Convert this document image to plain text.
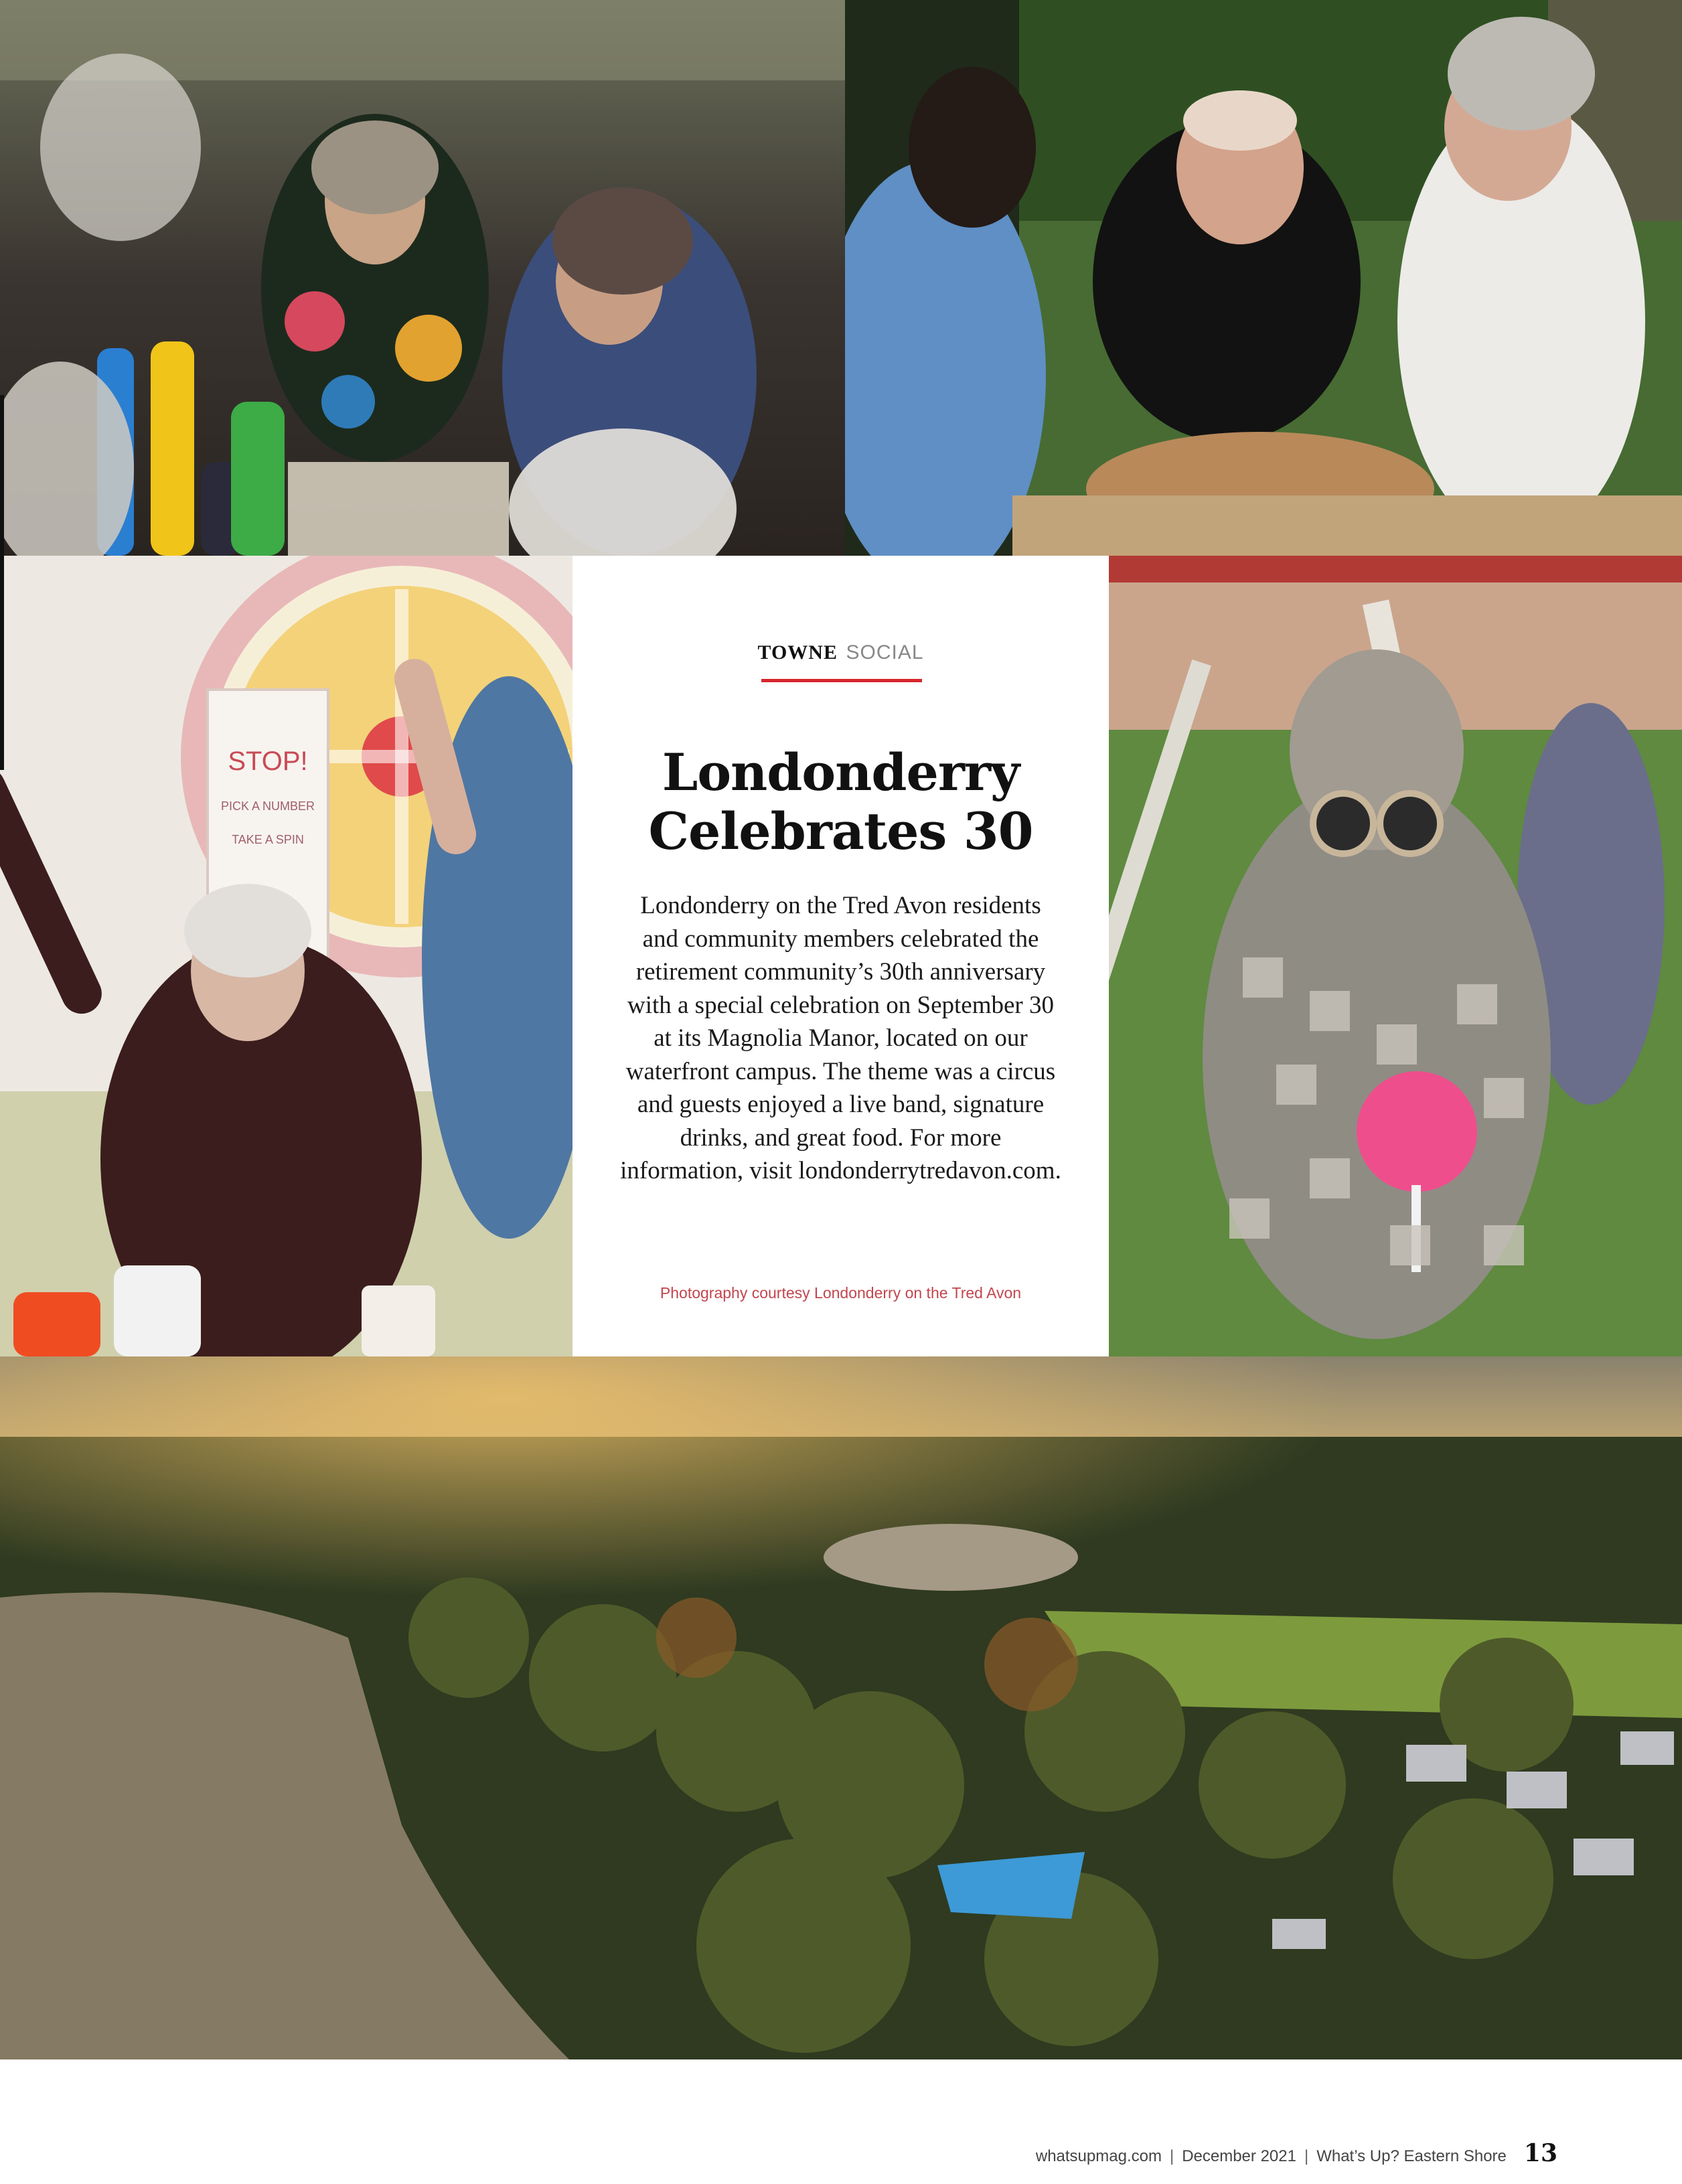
STOP!
PICK A NUMBER
TAKE A SPIN
TOWNE SOCIAL
Londonderry
Celebrates 30

Londonderry on the Tred Avon residents and community members celebrated the retirement community’s 30th anniversary with a special celebration on September 30 at its Magnolia Manor, located on our waterfront campus. The theme was a circus and guests enjoyed a live band, signature drinks, and great food. For more information, visit londonderrytredavon.com.

Photography courtesy Londonderry on the Tred Avon
whatsupmag.com | December 2021 | What’s Up? Eastern Shore 13
